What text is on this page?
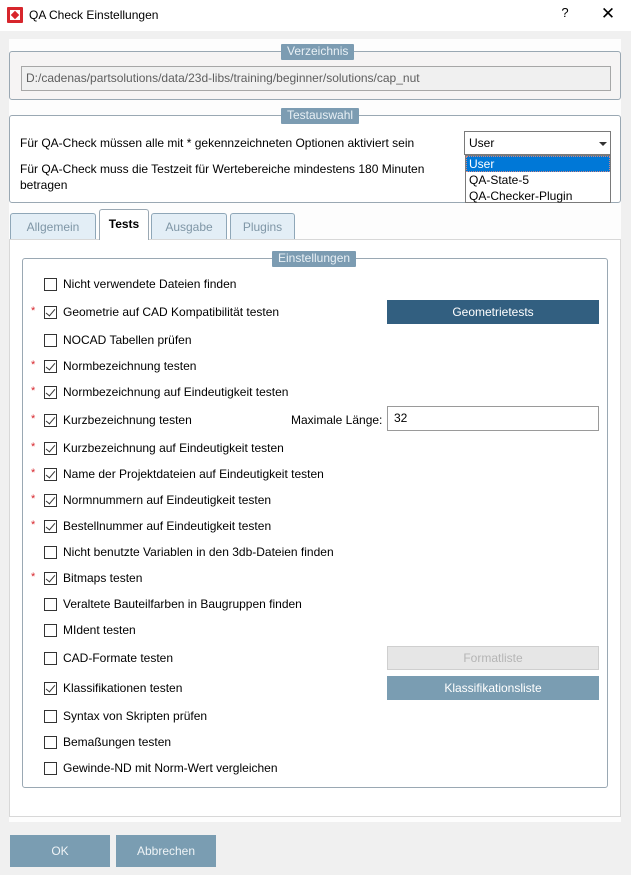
QA Check Einstellungen	?	✕
Verzeichnis
D:/cadenas/partsolutions/data/23d-libs/training/beginner/solutions/cap_nut
Testauswahl
Für QA-Check müssen alle mit * gekennzeichneten Optionen aktiviert sein
Für QA-Check muss die Testzeit für Wertebereiche mindestens 180 Minuten
betragen
User
User
QA-State-5
QA-Checker-Plugin
Allgemein	Tests	Ausgabe	Plugins
Einstellungen
Nicht verwendete Dateien finden
* Geometrie auf CAD Kompatibilität testen	Geometrietests
NOCAD Tabellen prüfen
* Normbezeichnung testen
* Normbezeichnung auf Eindeutigkeit testen
* Kurzbezeichnung testen	Maximale Länge: 32
* Kurzbezeichnung auf Eindeutigkeit testen
* Name der Projektdateien auf Eindeutigkeit testen
* Normnummern auf Eindeutigkeit testen
* Bestellnummer auf Eindeutigkeit testen
Nicht benutzte Variablen in den 3db-Dateien finden
* Bitmaps testen
Veraltete Bauteilfarben in Baugruppen finden
MIdent testen
CAD-Formate testen	Formatliste
Klassifikationen testen	Klassifikationsliste
Syntax von Skripten prüfen
Bemaßungen testen
Gewinde-ND mit Norm-Wert vergleichen
OK	Abbrechen
